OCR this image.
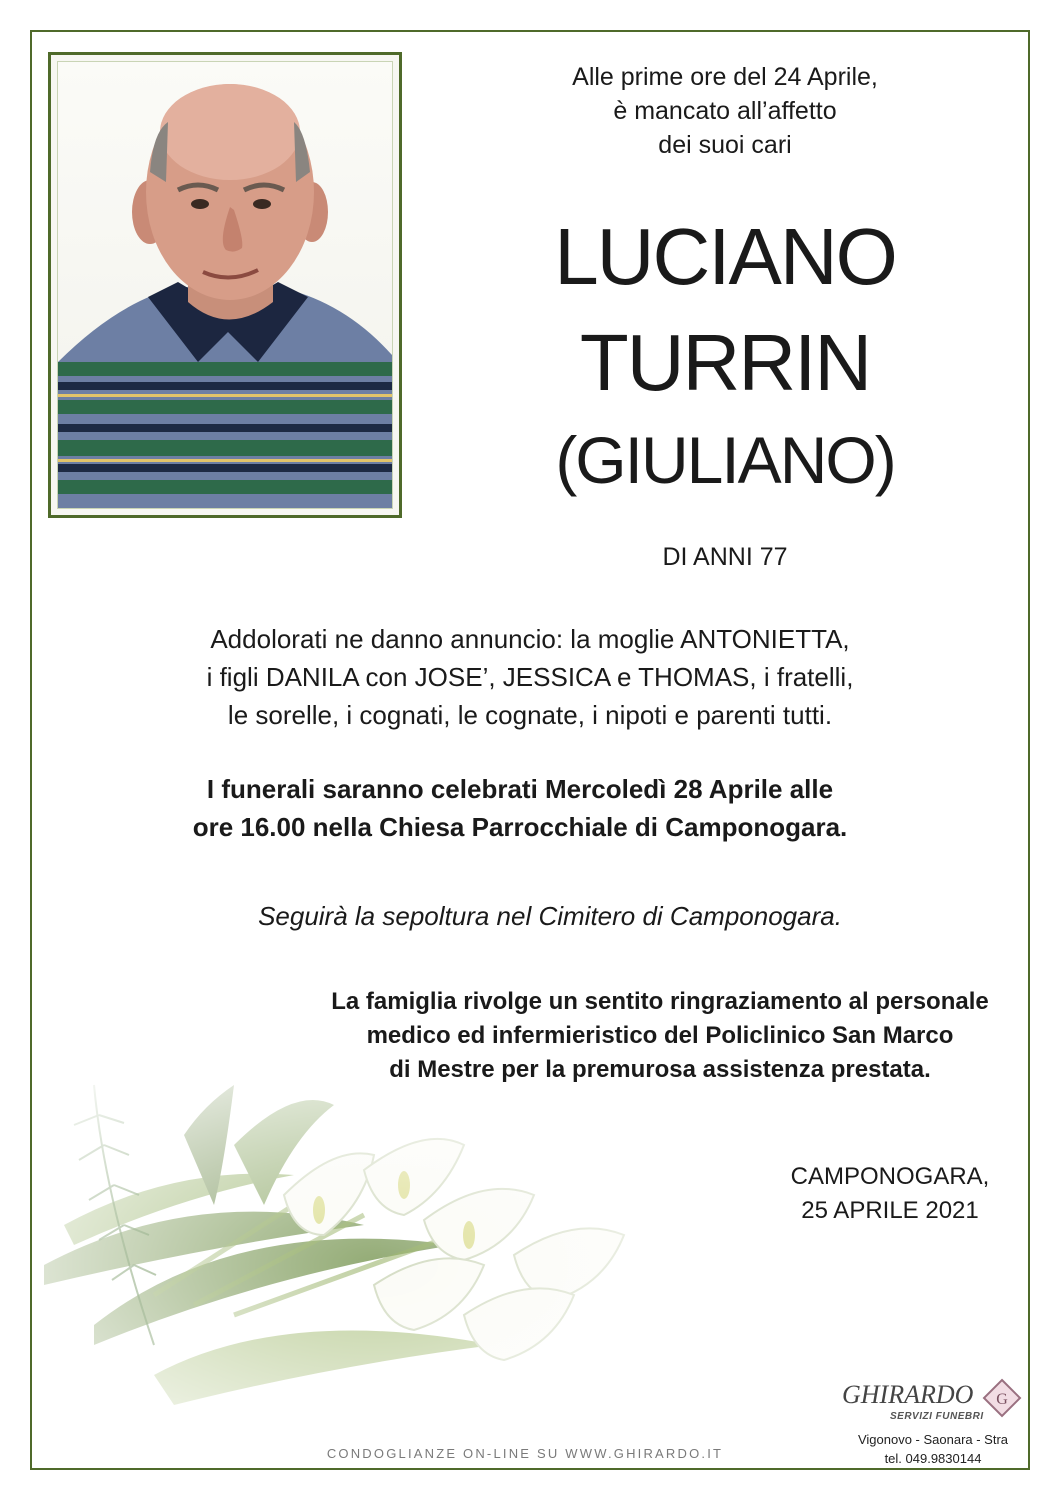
Alle prime ore del 24 Aprile,
è mancato all’affetto
dei suoi cari
LUCIANO
TURRIN
(GIULIANO)
DI ANNI 77
Addolorati ne danno annuncio: la moglie ANTONIETTA,
i figli DANILA con JOSE’, JESSICA e THOMAS, i fratelli,
le sorelle, i cognati, le cognate, i nipoti e parenti tutti.
I funerali saranno celebrati Mercoledì 28 Aprile alle
ore 16.00 nella Chiesa Parrocchiale di Camponogara.
Seguirà la sepoltura nel Cimitero di Camponogara.
La famiglia rivolge un sentito ringraziamento al personale
medico ed infermieristico del Policlinico San Marco
di Mestre per la premurosa assistenza prestata.
CAMPONOGARA,
25 APRILE 2021
GHIRARDO
SERVIZI FUNEBRI
G
Vigonovo - Saonara - Stra
tel. 049.9830144
CONDOGLIANZE ON-LINE SU WWW.GHIRARDO.IT
